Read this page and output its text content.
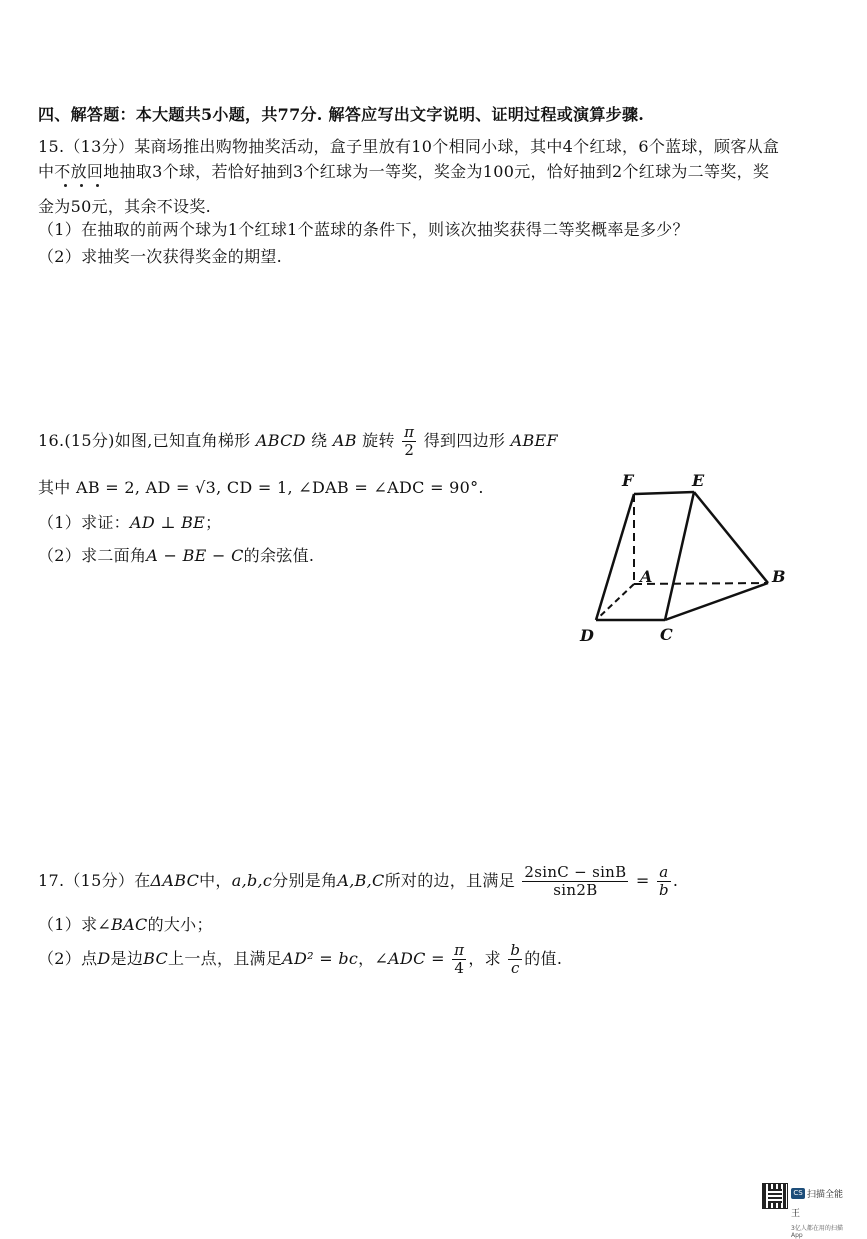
四、解答题：本大题共5小题，共77分. 解答应写出文字说明、证明过程或演算步骤.
15.（13分）某商场推出购物抽奖活动，盒子里放有10个相同小球，其中4个红球，6个蓝球，顾客从盒
中不放回地抽取3个球，若恰好抽到3个红球为一等奖，奖金为100元，恰好抽到2个红球为二等奖，奖
金为50元，其余不设奖.
（1）在抽取的前两个球为1个红球1个蓝球的条件下，则该次抽奖获得二等奖概率是多少？
（2）求抽奖一次获得奖金的期望.
16.(15分)如图,已知直角梯形 ABCD 绕 AB 旋转 $\frac{\pi}{2}$ 得到四边形 ABEF
其中 AB = 2, AD = √3, CD = 1, ∠DAB = ∠ADC = 90°.
（1）求证：AD ⊥ BE；
（2）求二面角A − BE − C的余弦值.
F	E
A	B
D	C
17.（15分）在ΔABC中，a,b,c分别是角A,B,C所对的边，且满足 $\frac{2\sin C - \sin B}{\sin 2B} = \frac{a}{b}$ .
（1）求∠BAC的大小；
（2）点D是边BC上一点，且满足AD² = bc，∠ADC = $\frac{\pi}{4}$ ，求 $\frac{b}{c}$ 的值.
CS 扫描全能王
3亿人都在用的扫描App
